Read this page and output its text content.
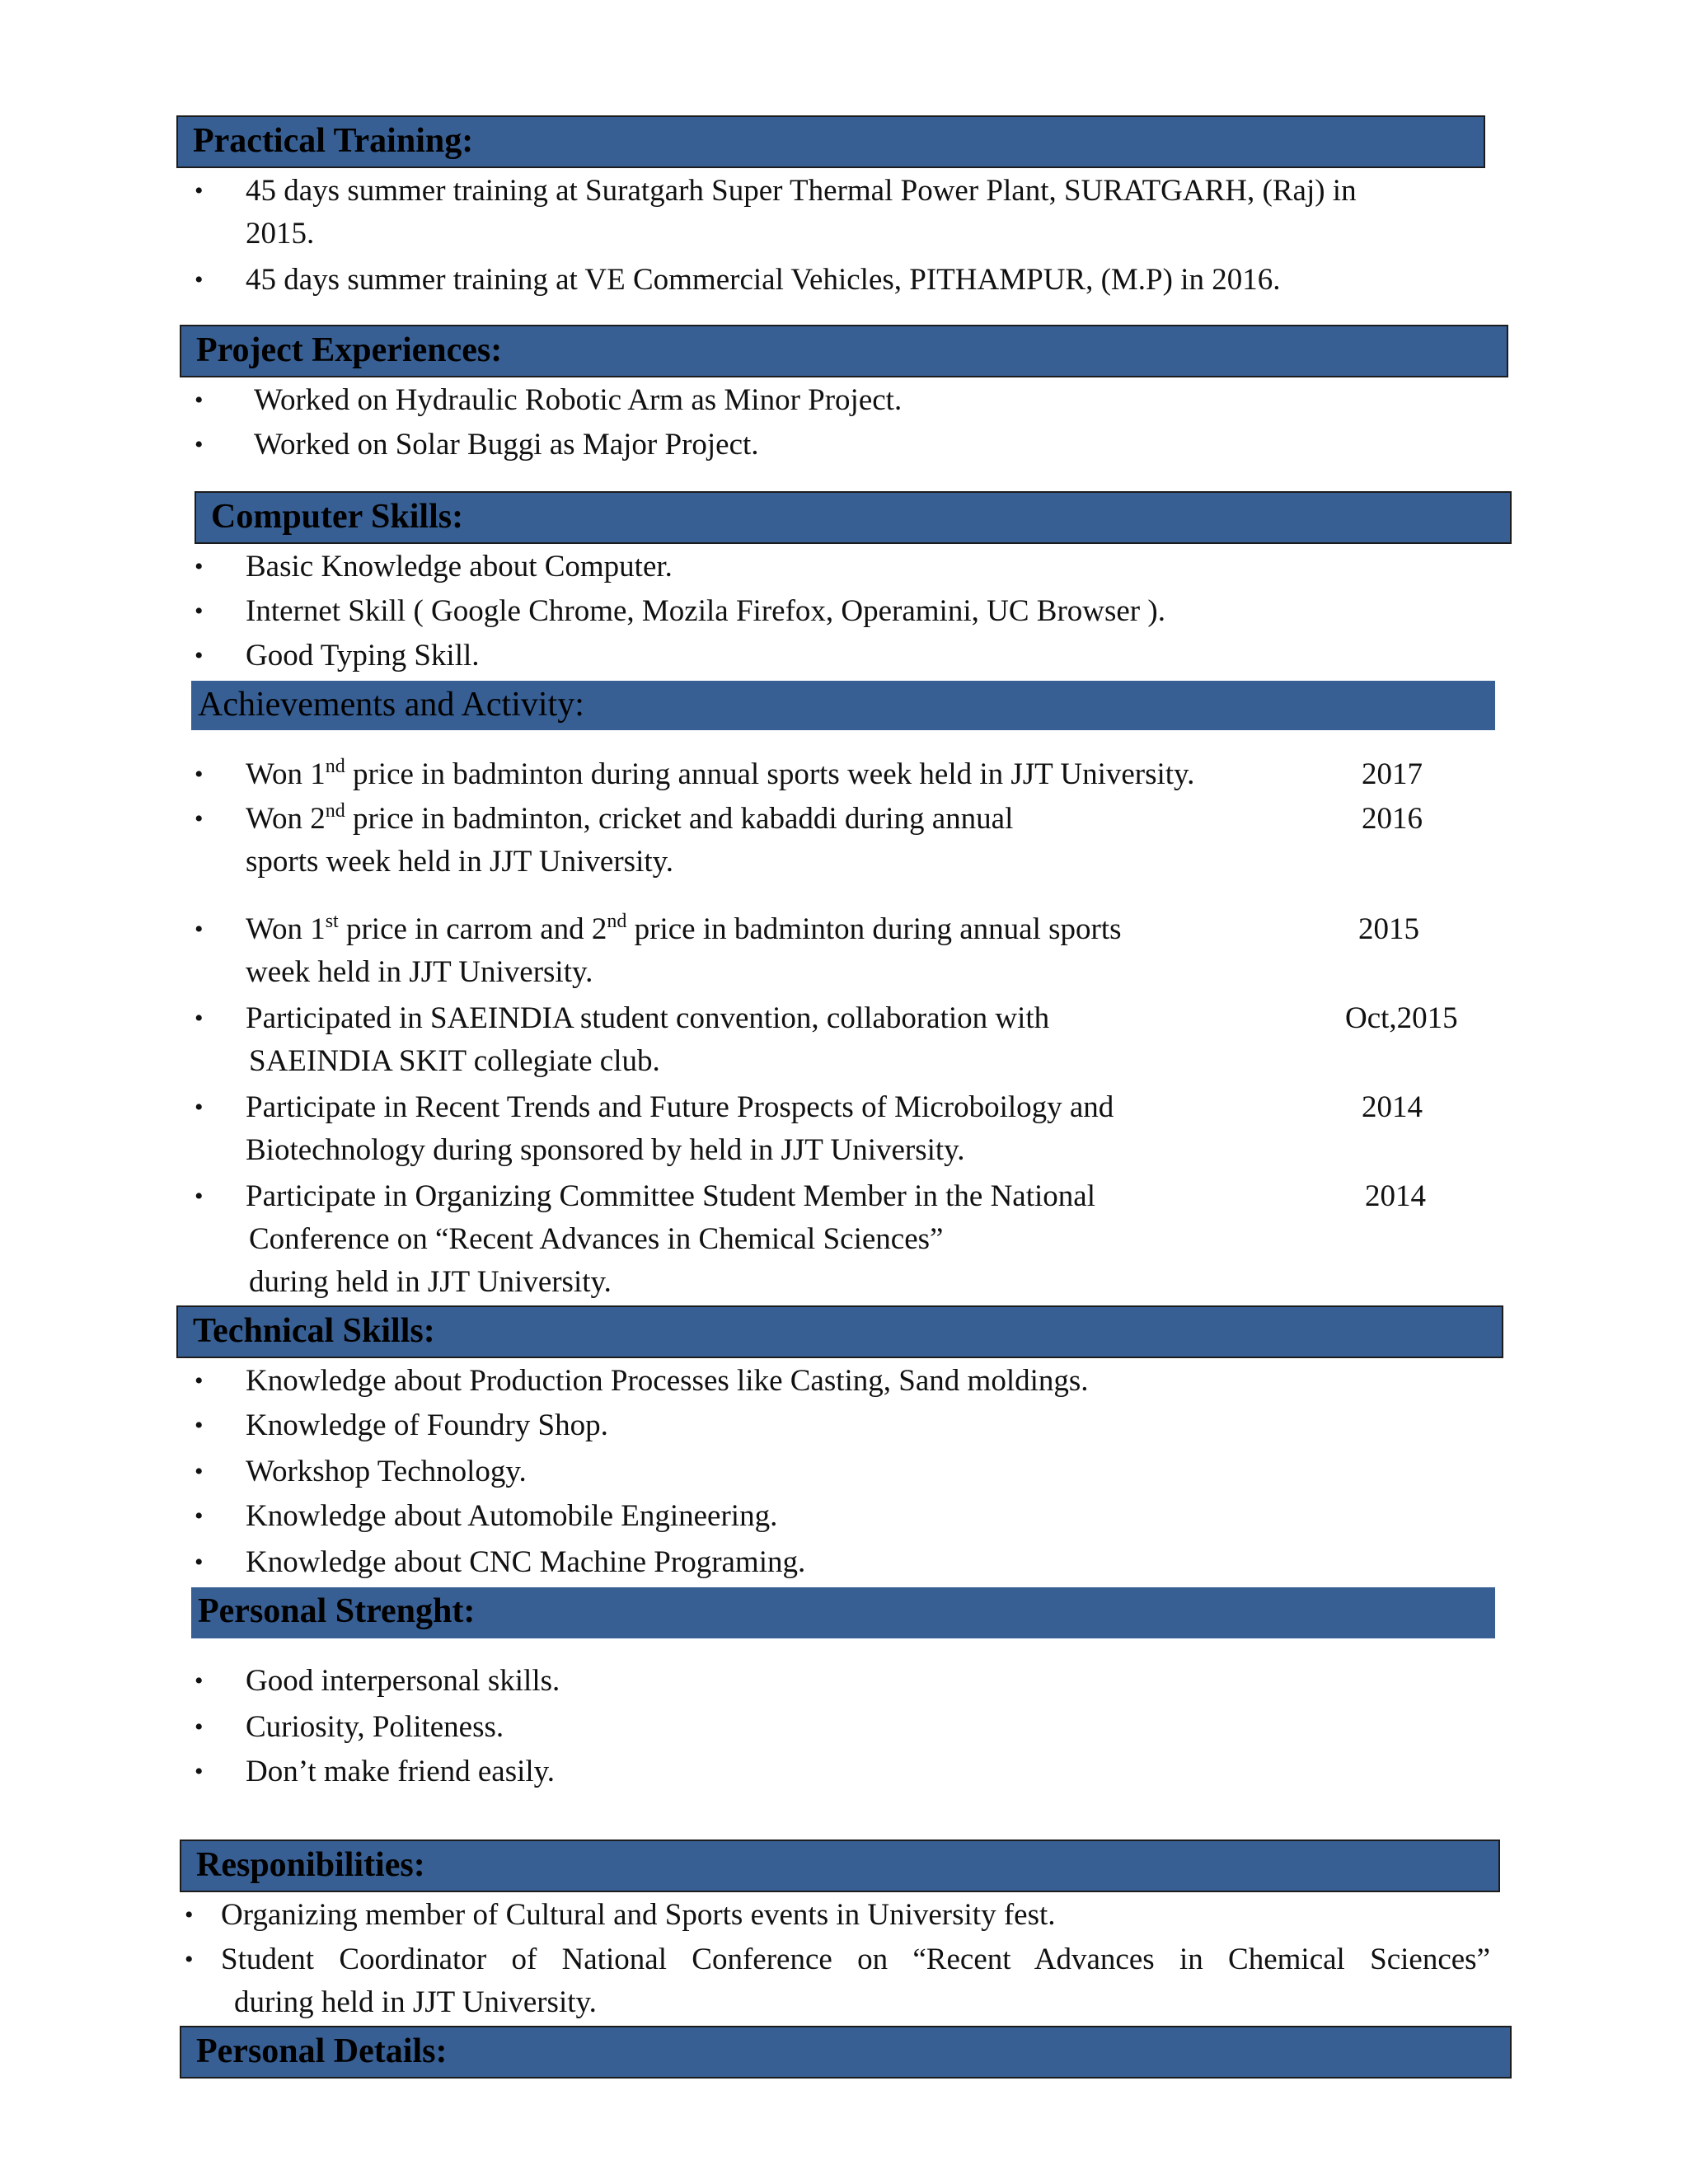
Practical Training:
•	45 days summer training at Suratgarh Super Thermal Power Plant, SURATGARH, (Raj) in
2015.
•	45 days summer training at VE Commercial Vehicles, PITHAMPUR, (M.P) in 2016.
Project Experiences:
•	Worked on Hydraulic Robotic Arm as Minor Project.
•	Worked on Solar Buggi as Major Project.
Computer Skills:
•	Basic Knowledge about Computer.
•	Internet Skill ( Google Chrome, Mozila Firefox, Operamini, UC Browser ).
•	Good Typing Skill.
Achievements and Activity:
•	Won 1nd price in badminton during annual sports week held in JJT University.	2017
•	Won 2nd price in badminton, cricket and kabaddi during annual	2016
sports week held in JJT University.
•	Won 1st price in carrom and 2nd price in badminton during annual sports	2015
week held in JJT University.
•	Participated in SAEINDIA student convention, collaboration with	Oct,2015
SAEINDIA SKIT collegiate club.
•	Participate in Recent Trends and Future Prospects of Microboilogy and	2014
Biotechnology during sponsored by held in JJT University.
•	Participate in Organizing Committee Student Member in the National	2014
Conference on “Recent Advances in Chemical Sciences”
during held in JJT University.
Technical Skills:
•	Knowledge about Production Processes like Casting, Sand moldings.
•	Knowledge of Foundry Shop.
•	Workshop Technology.
•	Knowledge about Automobile Engineering.
•	Knowledge about CNC Machine Programing.
Personal Strenght:
•	Good interpersonal skills.
•	Curiosity, Politeness.
•	Don’t make friend easily.
Responibilities:
• Organizing member of Cultural and Sports events in University fest.
• Student Coordinator of National Conference on “Recent Advances in Chemical Sciences”
during held in JJT University.
Personal Details:
